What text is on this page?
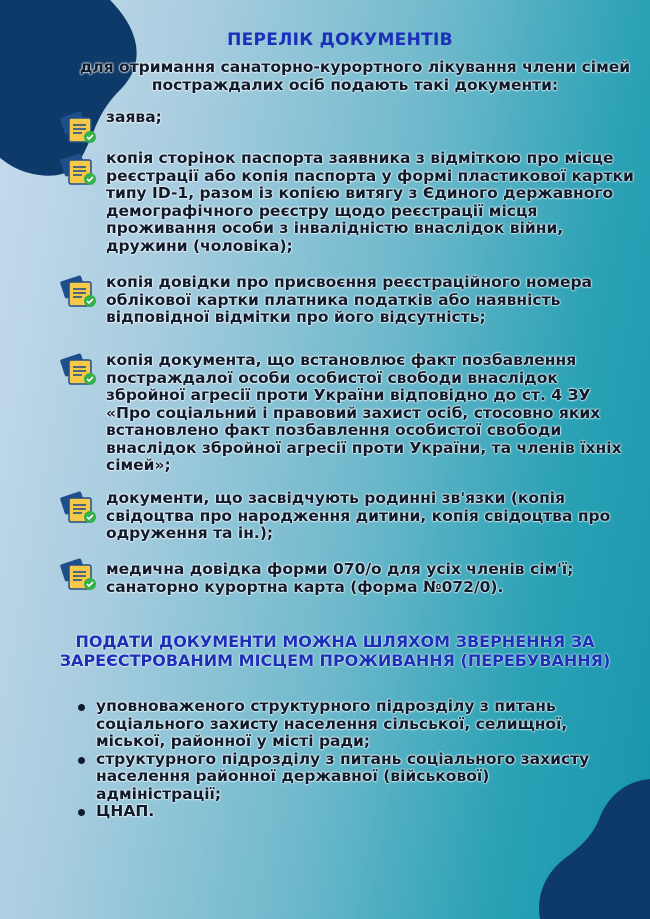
ПЕРЕЛІК ДОКУМЕНТІВ
для отримання санаторно-курортного лікування члени сімей постраждалих осіб подають такі документи:
заява;
копія сторінок паспорта заявника з відміткою про місце реєстрації або копія паспорта у формі пластикової картки типу ID-1, разом із копією витягу з Єдиного державного демографічного реєстру щодо реєстрації місця проживання особи з інвалідністю внаслідок війни, дружини (чоловіка);
копія довідки про присвоєння реєстраційного номера облікової картки платника податків або наявність відповідної відмітки про його відсутність;
копія документа, що встановлює факт позбавлення постраждалої особи особистої свободи внаслідок збройної агресії проти України відповідно до ст. 4 ЗУ «Про соціальний і правовий захист осіб, стосовно яких встановлено факт позбавлення особистої свободи внаслідок збройної агресії проти України, та членів їхніх сімей»;
документи, що засвідчують родинні зв'язки (копія свідоцтва про народження дитини, копія свідоцтва про одруження та ін.);
медична довідка форми 070/о для усіх членів сім'ї; санаторно курортна карта (форма №072/0).
ПОДАТИ ДОКУМЕНТИ МОЖНА ШЛЯХОМ ЗВЕРНЕННЯ ЗА ЗАРЕЄСТРОВАНИМ МІСЦЕМ ПРОЖИВАННЯ (ПЕРЕБУВАННЯ)
уповноваженого структурного підрозділу з питань соціального захисту населення сільської, селищної, міської, районної у місті ради;
структурного підрозділу з питань соціального захисту населення районної державної (військової) адміністрації;
ЦНАП.
